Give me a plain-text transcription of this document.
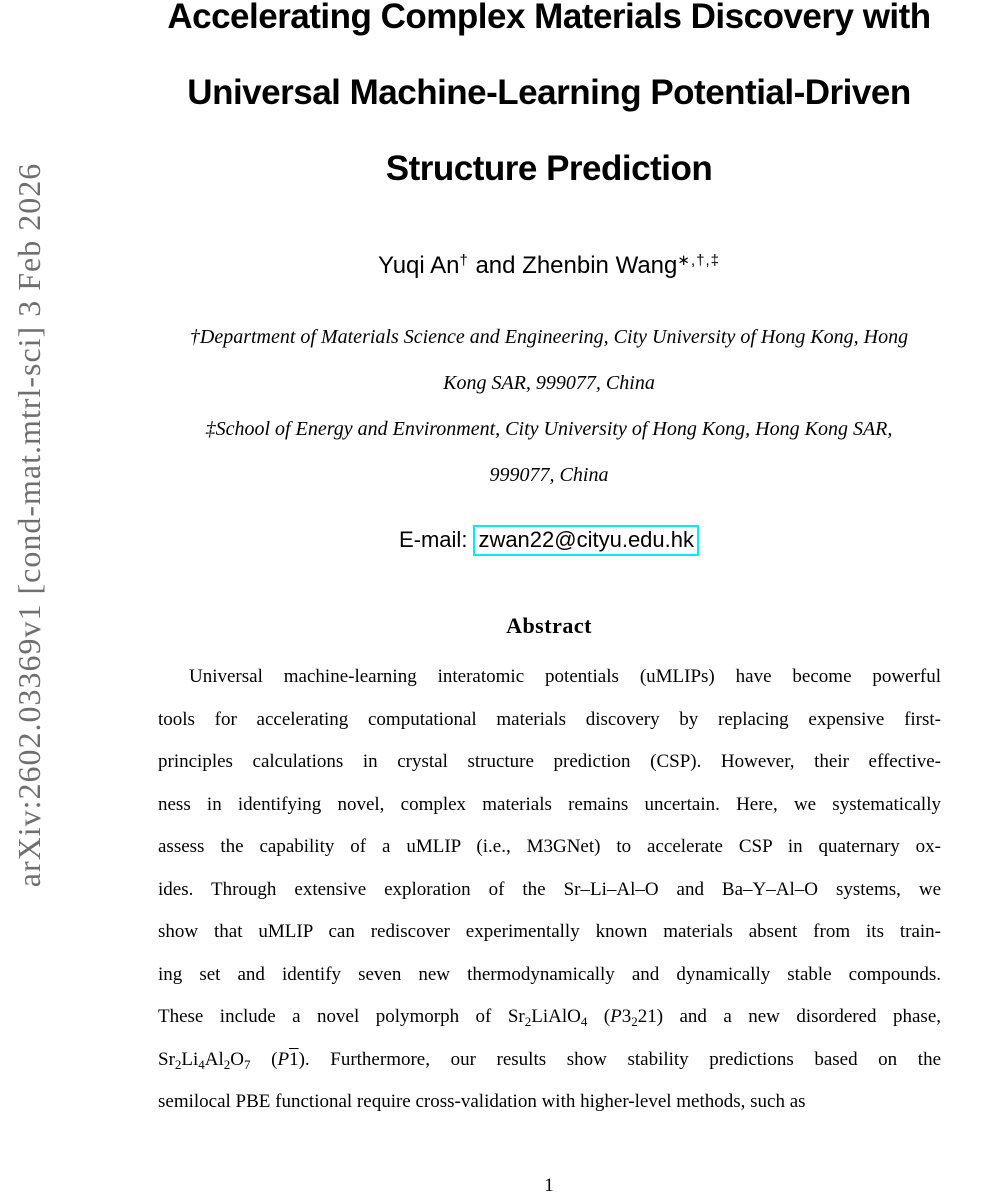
arXiv:2602.03369v1 [cond-mat.mtrl-sci] 3 Feb 2026
Accelerating Complex Materials Discovery with
Universal Machine-Learning Potential-Driven
Structure Prediction
Yuqi An† and Zhenbin Wang∗,†,‡
†Department of Materials Science and Engineering, City University of Hong Kong, Hong
Kong SAR, 999077, China
‡School of Energy and Environment, City University of Hong Kong, Hong Kong SAR,
999077, China
E-mail: zwan22@cityu.edu.hk
Abstract
Universal machine-learning interatomic potentials (uMLIPs) have become powerful
tools for accelerating computational materials discovery by replacing expensive first-
principles calculations in crystal structure prediction (CSP). However, their effective-
ness in identifying novel, complex materials remains uncertain. Here, we systematically
assess the capability of a uMLIP (i.e., M3GNet) to accelerate CSP in quaternary ox-
ides. Through extensive exploration of the Sr–Li–Al–O and Ba–Y–Al–O systems, we
show that uMLIP can rediscover experimentally known materials absent from its train-
ing set and identify seven new thermodynamically and dynamically stable compounds.
These include a novel polymorph of $Sr_2LiAlO_4$ $(P3_221)$ and a new disordered phase,
$Sr_2Li_4Al_2O_7$ (P1). Furthermore, our results show stability predictions based on the
semilocal PBE functional require cross-validation with higher-level methods, such as
1
